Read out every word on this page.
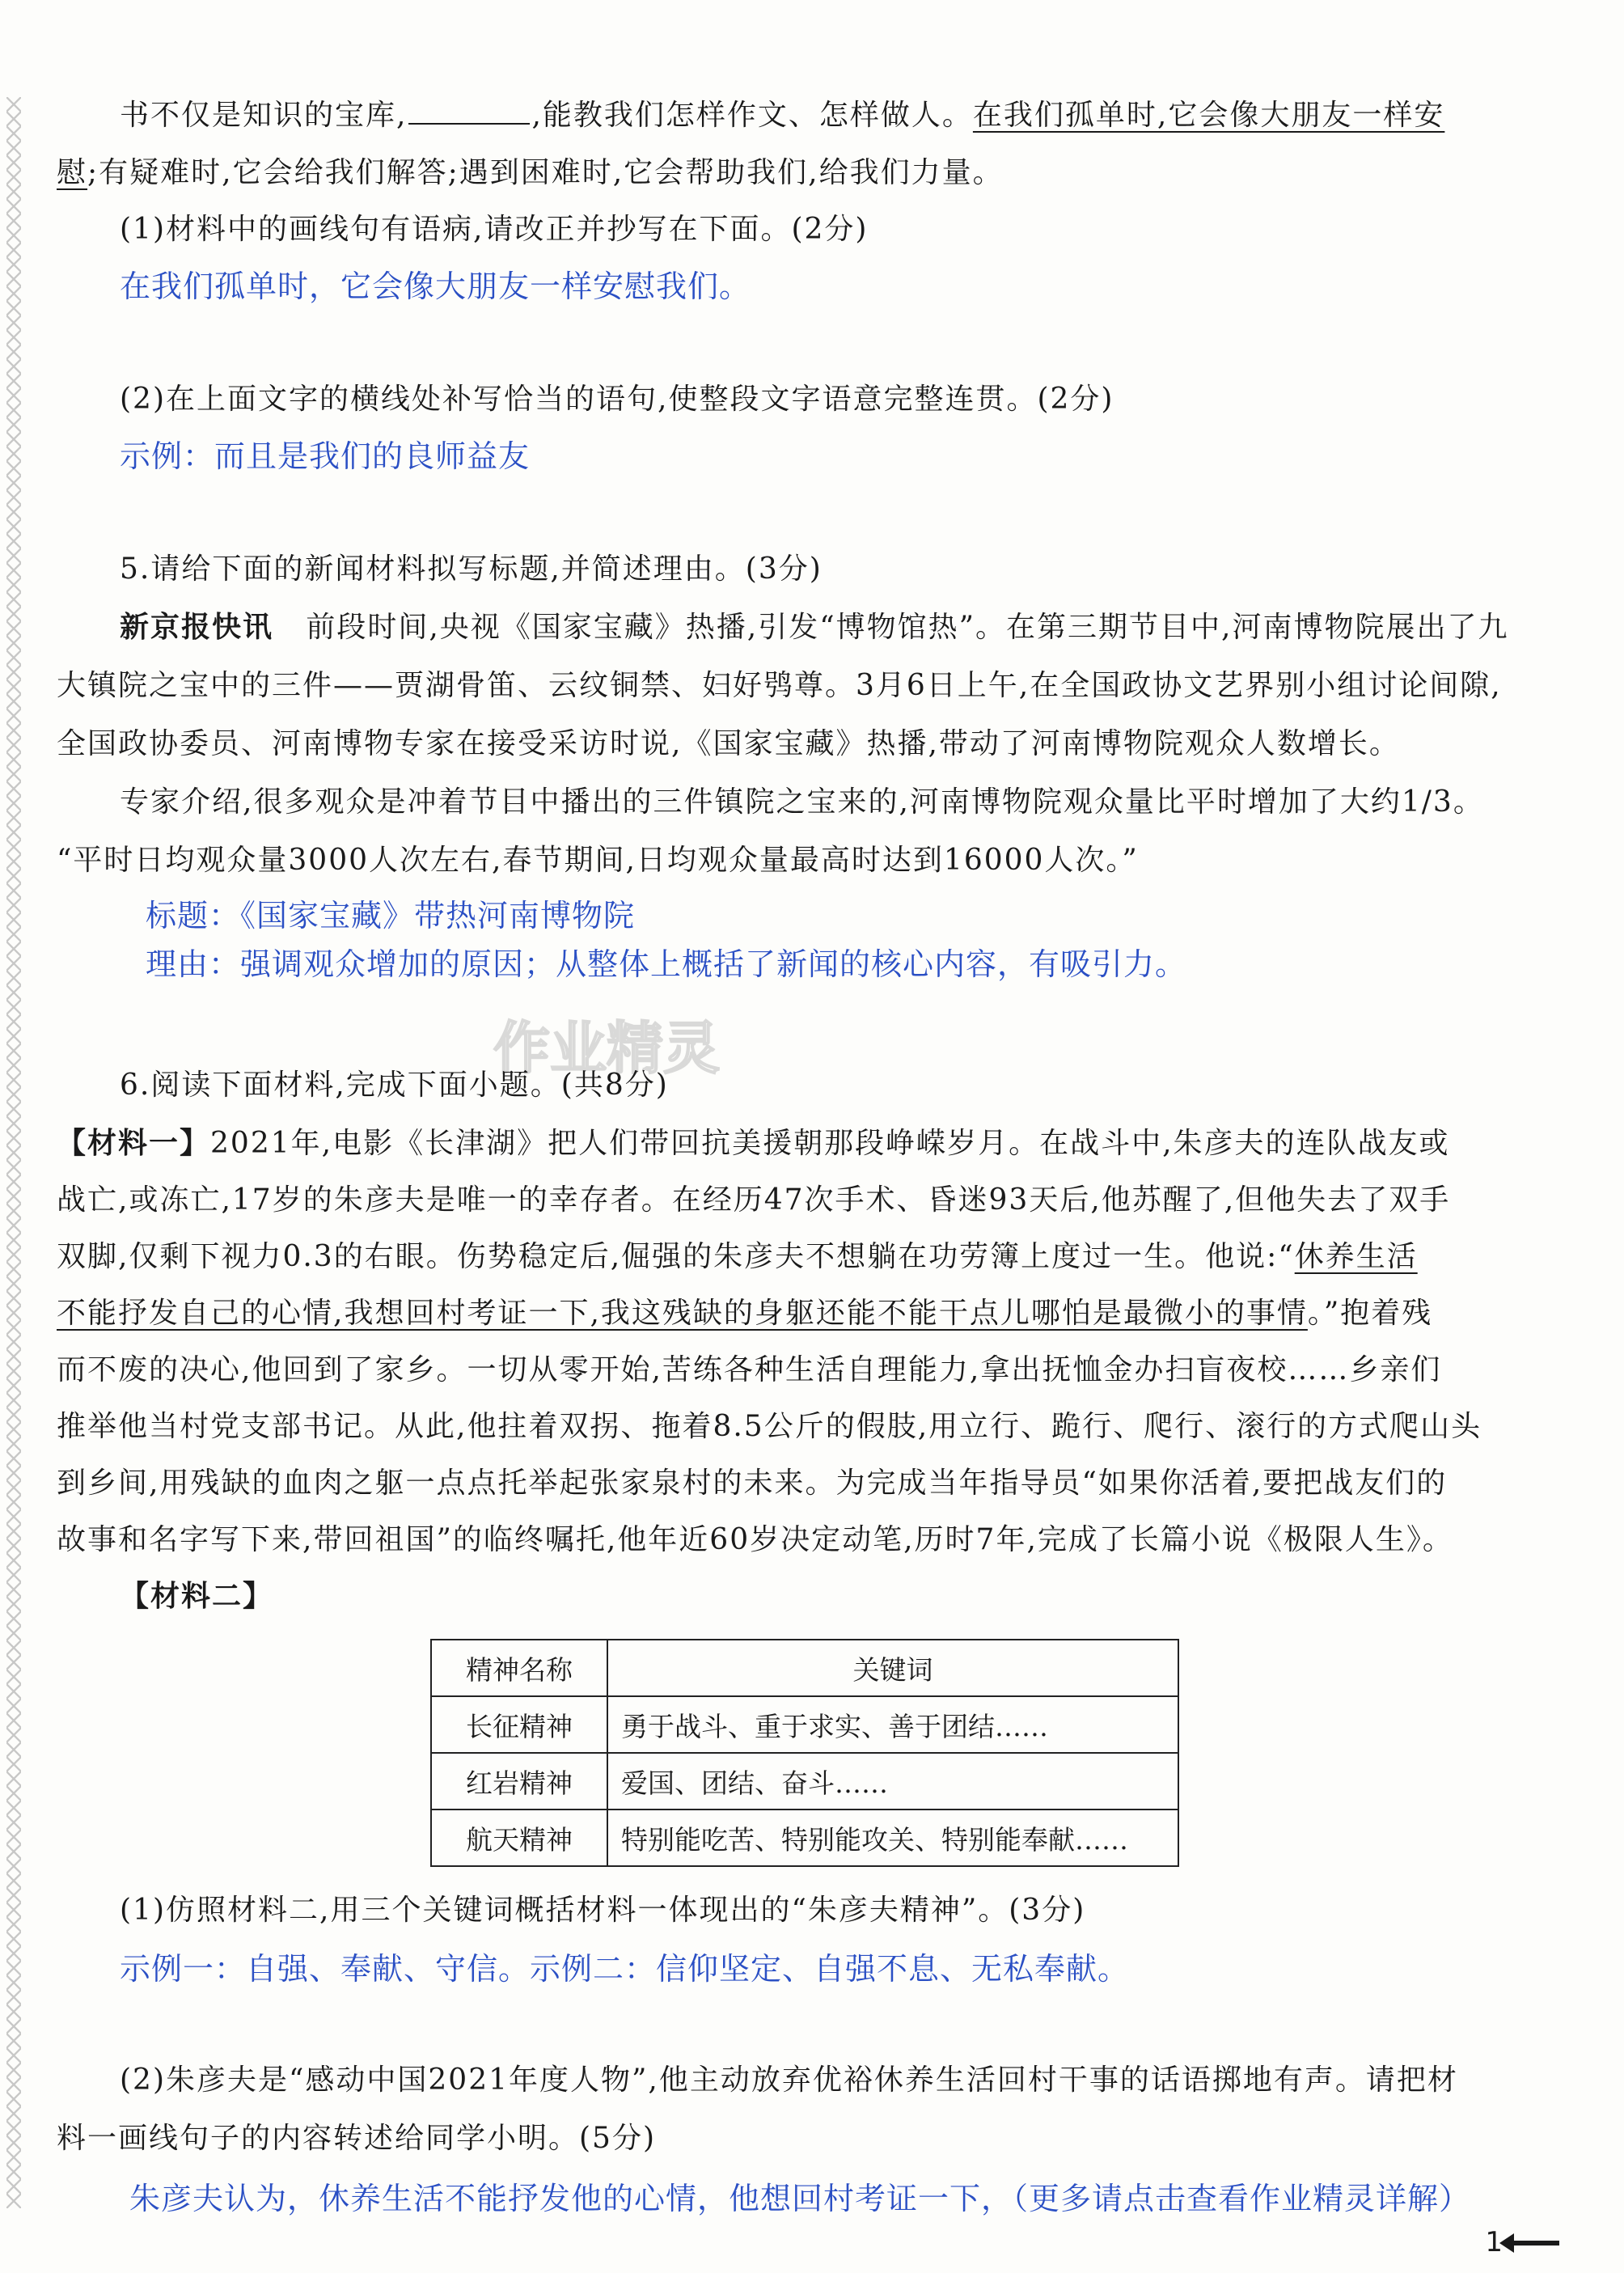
作业精灵
书不仅是知识的宝库,	,能教我们怎样作文、怎样做人。在我们孤单时,它会像大朋友一样安
慰;有疑难时,它会给我们解答;遇到困难时,它会帮助我们,给我们力量。
(1)材料中的画线句有语病,请改正并抄写在下面。(2分)
在我们孤单时，它会像大朋友一样安慰我们。
(2)在上面文字的横线处补写恰当的语句,使整段文字语意完整连贯。(2分)
示例：而且是我们的良师益友
5.请给下面的新闻材料拟写标题,并简述理由。(3分)
新京报快讯 前段时间,央视《国家宝藏》热播,引发“博物馆热”。在第三期节目中,河南博物院展出了九
大镇院之宝中的三件——贾湖骨笛、云纹铜禁、妇好鸮尊。3月6日上午,在全国政协文艺界别小组讨论间隙,
全国政协委员、河南博物专家在接受采访时说,《国家宝藏》热播,带动了河南博物院观众人数增长。
专家介绍,很多观众是冲着节目中播出的三件镇院之宝来的,河南博物院观众量比平时增加了大约1/3。
“平时日均观众量3000人次左右,春节期间,日均观众量最高时达到16000人次。”
标题：《国家宝藏》带热河南博物院
理由：强调观众增加的原因；从整体上概括了新闻的核心内容，有吸引力。
6.阅读下面材料,完成下面小题。(共8分)
【材料一】2021年,电影《长津湖》把人们带回抗美援朝那段峥嵘岁月。在战斗中,朱彦夫的连队战友或
战亡,或冻亡,17岁的朱彦夫是唯一的幸存者。在经历47次手术、昏迷93天后,他苏醒了,但他失去了双手
双脚,仅剩下视力0.3的右眼。伤势稳定后,倔强的朱彦夫不想躺在功劳簿上度过一生。他说:“休养生活
不能抒发自己的心情,我想回村考证一下,我这残缺的身躯还能不能干点儿哪怕是最微小的事情。”抱着残
而不废的决心,他回到了家乡。一切从零开始,苦练各种生活自理能力,拿出抚恤金办扫盲夜校……乡亲们
推举他当村党支部书记。从此,他拄着双拐、拖着8.5公斤的假肢,用立行、跪行、爬行、滚行的方式爬山头
到乡间,用残缺的血肉之躯一点点托举起张家泉村的未来。为完成当年指导员“如果你活着,要把战友们的
故事和名字写下来,带回祖国”的临终嘱托,他年近60岁决定动笔,历时7年,完成了长篇小说《极限人生》。
【材料二】
精神名称	关键词
长征精神	勇于战斗、重于求实、善于团结……
红岩精神	爱国、团结、奋斗……
航天精神	特别能吃苦、特别能攻关、特别能奉献……
(1)仿照材料二,用三个关键词概括材料一体现出的“朱彦夫精神”。(3分)
示例一：自强、奉献、守信。示例二：信仰坚定、自强不息、无私奉献。
(2)朱彦夫是“感动中国2021年度人物”,他主动放弃优裕休养生活回村干事的话语掷地有声。请把材
料一画线句子的内容转述给同学小明。(5分)
朱彦夫认为，休养生活不能抒发他的心情，他想回村考证一下，（更多请点击查看作业精灵详解）
1
